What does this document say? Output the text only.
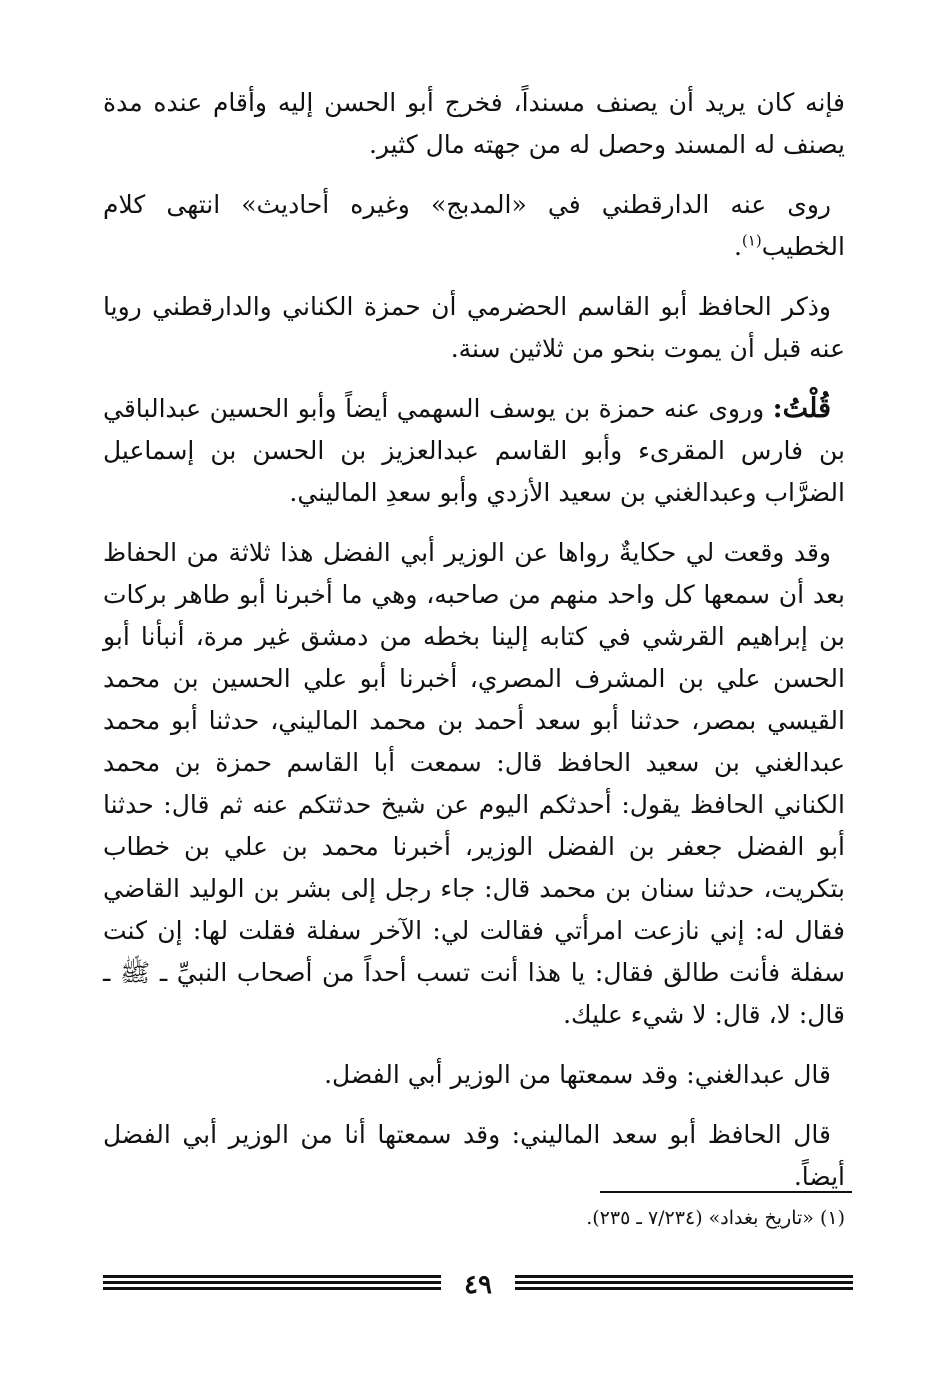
فإنه كان يريد أن يصنف مسنداً، فخرج أبو الحسن إليه وأقام عنده مدة يصنف له المسند وحصل له من جهته مال كثير.

روى عنه الدارقطني في «المدبج» وغيره أحاديث» انتهى كلام الخطيب$^{(١)}$.

وذكر الحافظ أبو القاسم الحضرمي أن حمزة الكناني والدارقطني رويا عنه قبل أن يموت بنحو من ثلاثين سنة.

قُلْتُ: وروى عنه حمزة بن يوسف السهمي أيضاً وأبو الحسين عبدالباقي بن فارس المقرىء وأبو القاسم عبدالعزيز بن الحسن بن إسماعيل الضرَّاب وعبدالغني بن سعيد الأزدي وأبو سعدِ الماليني.

وقد وقعت لي حكايةٌ رواها عن الوزير أبي الفضل هذا ثلاثة من الحفاظ بعد أن سمعها كل واحد منهم من صاحبه، وهي ما أخبرنا أبو طاهر بركات بن إبراهيم القرشي في كتابه إلينا بخطه من دمشق غير مرة، أنبأنا أبو الحسن علي بن المشرف المصري، أخبرنا أبو علي الحسين بن محمد القيسي بمصر، حدثنا أبو سعد أحمد بن محمد الماليني، حدثنا أبو محمد عبدالغني بن سعيد الحافظ قال: سمعت أبا القاسم حمزة بن محمد الكناني الحافظ يقول: أحدثكم اليوم عن شيخ حدثتكم عنه ثم قال: حدثنا أبو الفضل جعفر بن الفضل الوزير، أخبرنا محمد بن علي بن خطاب بتكريت، حدثنا سنان بن محمد قال: جاء رجل إلى بشر بن الوليد القاضي فقال له: إني نازعت امرأتي فقالت لي: الآخر سفلة فقلت لها: إن كنت سفلة فأنت طالق فقال: يا هذا أنت تسب أحداً من أصحاب النبيِّ ـ ﷺ ـ قال: لا، قال: لا شيء عليك.

قال عبدالغني: وقد سمعتها من الوزير أبي الفضل.

قال الحافظ أبو سعد الماليني: وقد سمعتها أنا من الوزير أبي الفضل أيضاً.

(١) «تاريخ بغداد» (٧/٢٣٤ ـ ٢٣٥).
٤٩
